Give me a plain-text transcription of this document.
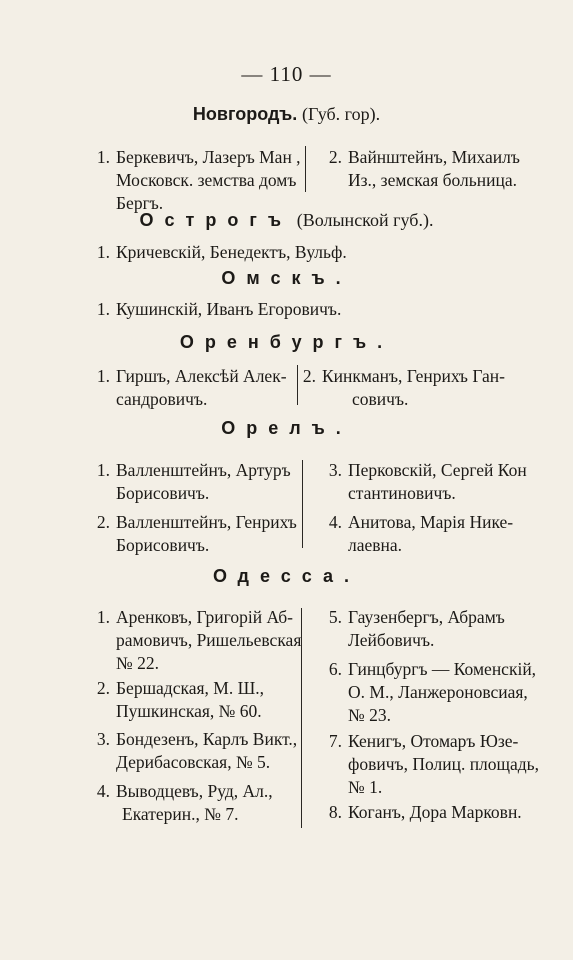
— 110 —
Новгородъ. (Губ. гор).
1. Беркевичъ, Лазеръ Ман ,
Московск. земства домъ
Бергъ.
2. Вайнштейнъ, Михаилъ
Из., земская больница.
Острогъ (Волынской губ.).
1. Кричевскій, Бенедектъ, Вульф.
Омскъ.
1. Кушинскій, Иванъ Егоровичъ.
Оренбургъ.
1. Гиршъ, Алексѣй Алек-
сандровичъ.
2. Кинкманъ, Генрихъ Ган-
совичъ.
Орелъ.
1. Валленштейнъ, Артуръ
Борисовичъ.
2. Валленштейнъ, Генрихъ
Борисовичъ.
3. Перковскій, Сергей Кон
стантиновичъ.
4. Анитова, Марія Нике-
лаевна.
Одесса.
1. Аренковъ, Григорій Аб-
рамовичъ, Ришельевская
№ 22.
2. Бершадская, М. Ш.,
Пушкинская, № 60.
3. Бондезенъ, Карлъ Викт.,
Дерибасовская, № 5.
4. Выводцевъ, Руд, Ал.,
Екатерин., № 7.
5. Гаузенбергъ, Абрамъ
Лейбовичъ.
6. Гинцбургъ — Коменскій,
О. М., Ланжероновсиая,
№ 23.
7. Кенигъ, Отомаръ Юзе-
фовичъ, Полиц. площадь,
№ 1.
8. Коганъ, Дора Марковн.
